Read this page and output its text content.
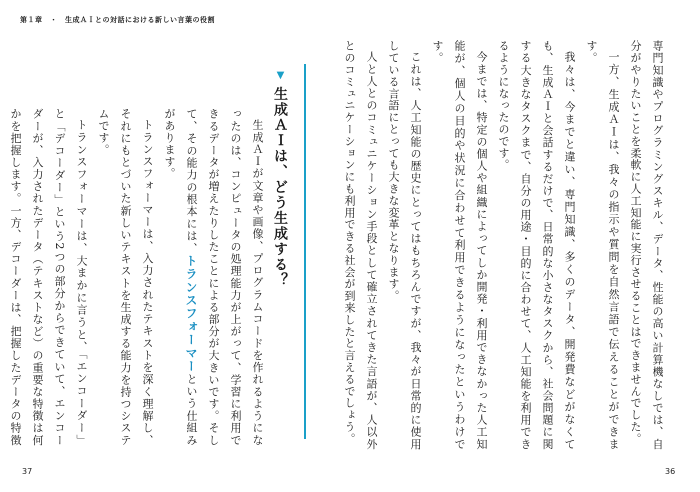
第１章　・　生成ＡＩとの対話における新しい言葉の役割

専門知識やプログラミングスキル、データ、性能の高い計算機なしでは、自分がやりたいことを柔軟に人工知能に実行させることはできませんでした。

一方、生成ＡＩは、我々の指示や質問を自然言語で伝えることができます。

我々は、今までと違い、専門知識、多くのデータ、開発費などがなくても、生成ＡＩと会話するだけで、日常的な小さなタスクから、社会問題に関する大きなタスクまで、自分の用途・目的に合わせて、人工知能を利用できるようになったのです。

今までは、特定の個人や組織によってしか開発・利用できなかった人工知能が、個人の目的や状況に合わせて利用できるようになったというわけです。

これは、人工知能の歴史にとってはもちろんですが、我々が日常的に使用している言語にとっても大きな変革となります。

人と人とのコミュニケーション手段として確立されてきた言語が、人以外とのコミュニケーションにも利用できる社会が到来したと言えるでしょう。

▼生成ＡＩは、どう生成する？

生成ＡＩが文章や画像、プログラムコードを作れるようになったのは、コンピュータの処理能力が上がって、学習に利用できるデータが増えたりしたことによる部分が大きいです。そして、その能力の根本には、トランスフォーマーという仕組みがあります。

トランスフォーマーは、入力されたテキストを深く理解し、それにもとづいた新しいテキストを生成する能力を持つシステムです。

トランスフォーマーは、大まかに言うと、「エンコーダー」と「デコーダー」という2つの部分からできていて、エンコーダーが、入力されたデータ（テキストなど）の重要な特徴は何かを把握します。一方、デコーダーは、把握したデータの特徴

37	36
